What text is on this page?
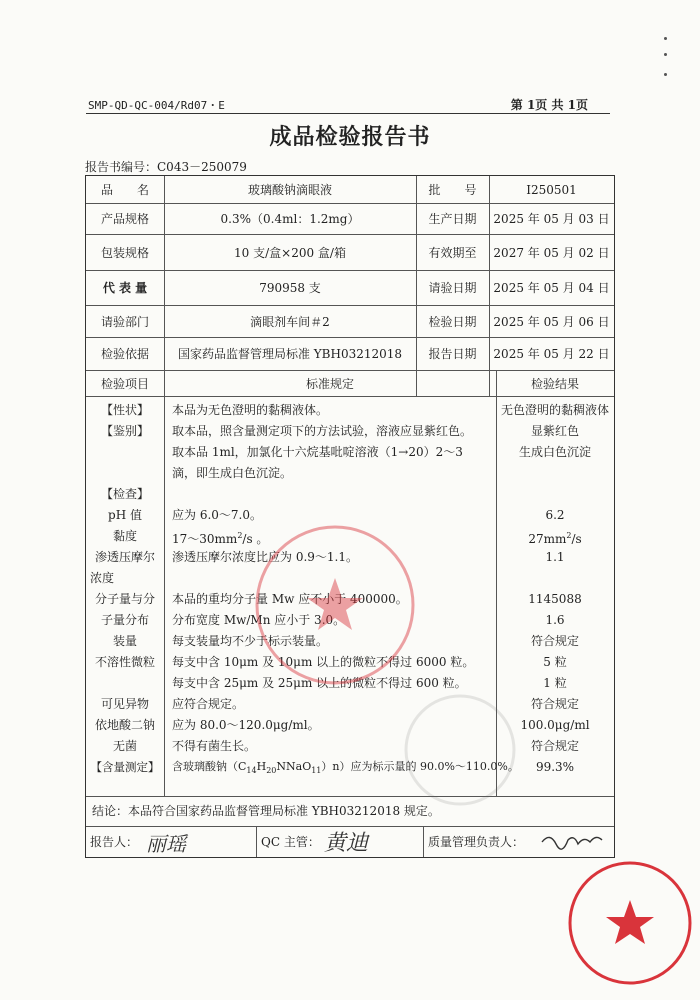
SMP-QD-QC-004/Rd07・E	第 1页 共 1页
成品检验报告书
报告书编号：C043－250079
品　　名	玻璃酸钠滴眼液	批　　号	I250501
产品规格	0.3%（0.4ml：1.2mg）	生产日期	2025 年 05 月 03 日
包装规格	10 支/盒×200 盒/箱	有效期至	2027 年 05 月 02 日
代 表 量	790958 支	请验日期	2025 年 05 月 04 日
请验部门	滴眼剂车间＃2	检验日期	2025 年 05 月 06 日
检验依据	国家药品监督管理局标准 YBH03212018	报告日期	2025 年 05 月 22 日
检验项目	标准规定	检验结果
【性状】	本品为无色澄明的黏稠液体。	无色澄明的黏稠液体
【鉴别】	取本品，照含量测定项下的方法试验，溶液应显紫红色。	显紫红色
取本品 1ml，加氯化十六烷基吡啶溶液（1→20）2～3	生成白色沉淀
滴，即生成白色沉淀。
【检查】
pH 值	应为 6.0～7.0。	6.2
黏度	$17\sim 30mm^2/s$ 。	$27mm^2/s$
渗透压摩尔	渗透压摩尔浓度比应为 0.9～1.1。	1.1
浓度
分子量与分	本品的重均分子量 Mw 应不小于 400000。	1145088
子量分布	分布宽度 Mw/Mn 应小于 3.0。	1.6
装量	每支装量均不少于标示装量。	符合规定
不溶性微粒	每支中含 10μm 及 10μm 以上的微粒不得过 6000 粒。	5 粒
每支中含 25μm 及 25μm 以上的微粒不得过 600 粒。	1 粒
可见异物	应符合规定。	符合规定
依地酸二钠	应为 80.0～120.0μg/ml。	100.0μg/ml
无菌	不得有菌生长。	符合规定
【含量测定】	含玻璃酸钠$(C_{14}H_{20}NNaO_{11})n$）应为标示量的 90.0%～110.0%。	99.3%
结论：本品符合国家药品监督管理局标准 YBH03212018 规定。
报告人： 丽瑶	QC 主管： 黄迪	质量管理负责人：
